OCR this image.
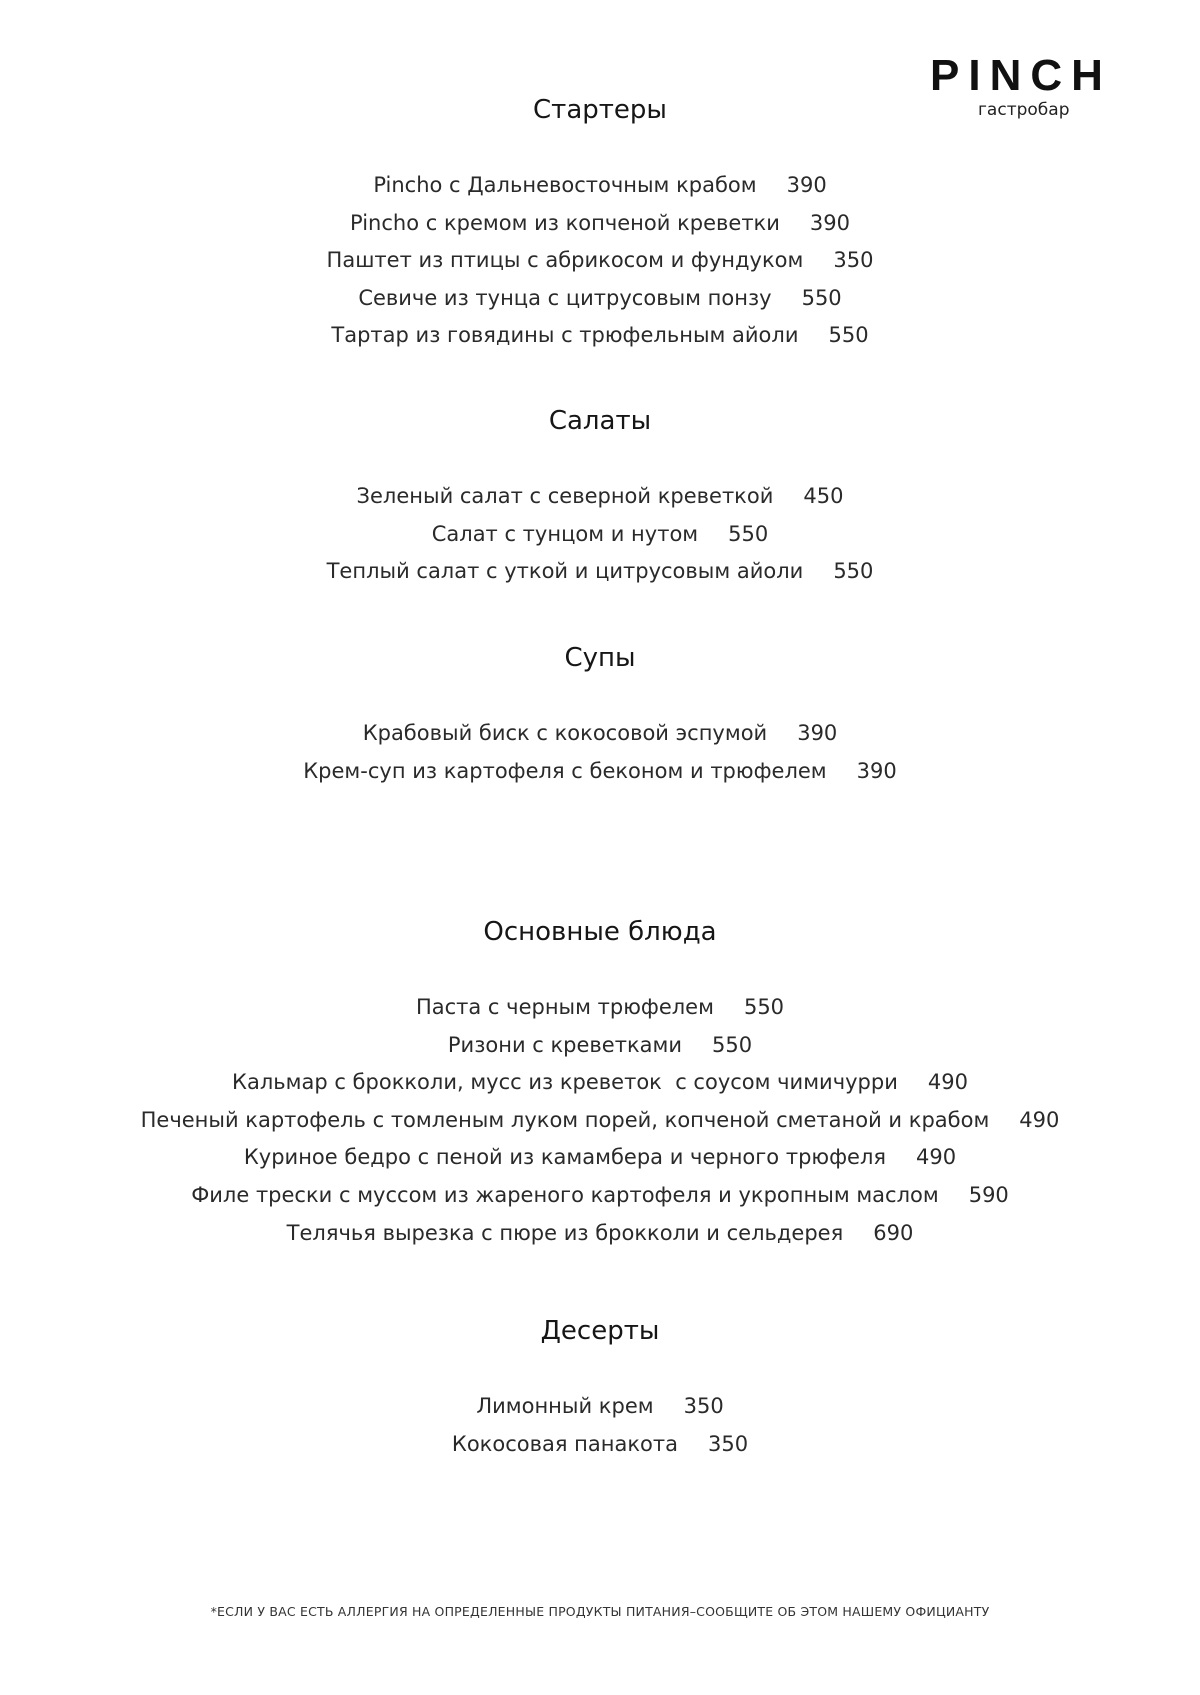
PINCH
гастробар
Стартеры
Pincho с Дальневосточным крабом 390
Pincho с кремом из копченой креветки 390
Паштет из птицы с абрикосом и фундуком 350
Севиче из тунца с цитрусовым понзу 550
Тартар из говядины с трюфельным айоли 550
Салаты
Зеленый салат с северной креветкой 450
Салат с тунцом и нутом 550
Теплый салат с уткой и цитрусовым айоли 550
Супы
Крабовый биск с кокосовой эспумой 390
Крем-суп из картофеля с беконом и трюфелем 390
Основные блюда
Паста с черным трюфелем 550
Ризони с креветками 550
Кальмар с брокколи, мусс из креветок  с соусом чимичурри 490
Печеный картофель с томленым луком порей, копченой сметаной и крабом 490
Куриное бедро с пеной из камамбера и черного трюфеля 490
Филе трески с муссом из жареного картофеля и укропным маслом 590
Телячья вырезка с пюре из брокколи и сельдерея 690
Десерты
Лимонный крем 350
Кокосовая панакота 350
*ЕСЛИ У ВАС ЕСТЬ АЛЛЕРГИЯ НА ОПРЕДЕЛЕННЫЕ ПРОДУКТЫ ПИТАНИЯ–СООБЩИТЕ ОБ ЭТОМ НАШЕМУ ОФИЦИАНТУ
